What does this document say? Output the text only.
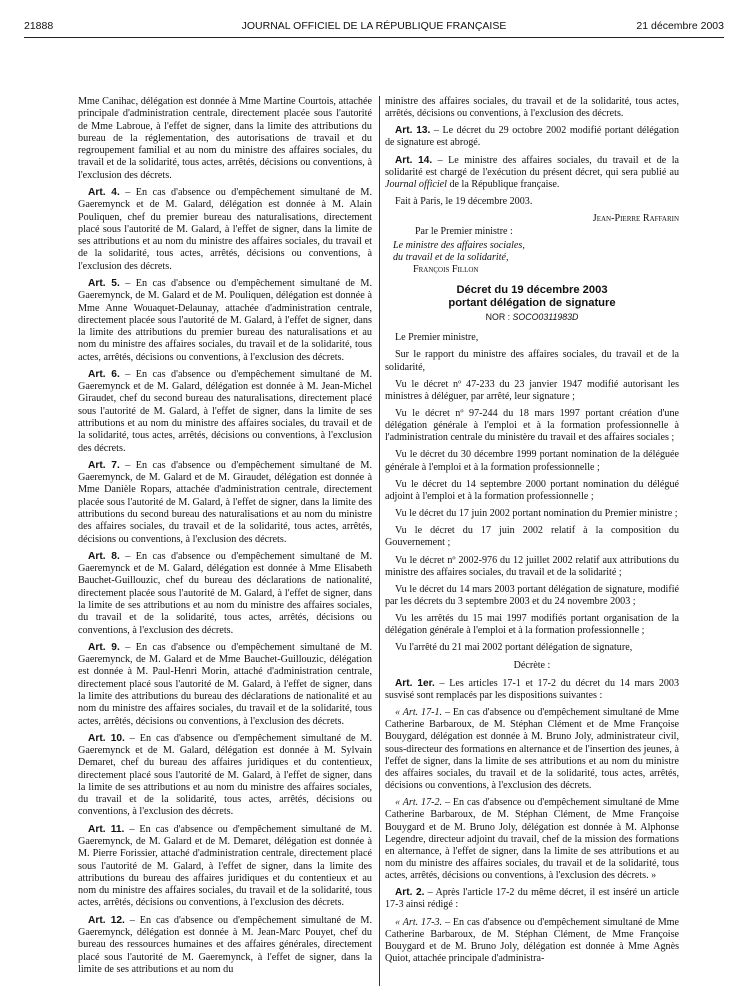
21888	JOURNAL OFFICIEL DE LA RÉPUBLIQUE FRANÇAISE	21 décembre 2003

Mme Canihac, délégation est donnée à Mme Martine Courtois, attachée principale d'administration centrale, directement placée sous l'autorité de Mme Labroue, à l'effet de signer, dans la limite des attributions du bureau de la réglementation, des autorisations de travail et du regroupement familial et au nom du ministre des affaires sociales, du travail et de la solidarité, tous actes, arrêtés, décisions ou conventions, à l'exclusion des décrets.

Art. 4. – En cas d'absence ou d'empêchement simultané de M. Gaeremynck et de M. Galard, délégation est donnée à M. Alain Pouliquen, chef du premier bureau des naturalisations, directement placé sous l'autorité de M. Galard, à l'effet de signer, dans la limite de ses attributions et au nom du ministre des affaires sociales, du travail et de la solidarité, tous actes, arrêtés, décisions ou conventions, à l'exclusion des décrets.

Art. 5. – En cas d'absence ou d'empêchement simultané de M. Gaeremynck, de M. Galard et de M. Pouliquen, délégation est donnée à Mme Anne Wouaquet-Delaunay, attachée d'administration centrale, directement placée sous l'autorité de M. Galard, à l'effet de signer, dans la limite des attributions du premier bureau des naturalisations et au nom du ministre des affaires sociales, du travail et de la solidarité, tous actes, arrêtés, décisions ou conventions, à l'exclusion des décrets.

Art. 6. – En cas d'absence ou d'empêchement simultané de M. Gaeremynck et de M. Galard, délégation est donnée à M. Jean-Michel Giraudet, chef du second bureau des naturalisations, directement placé sous l'autorité de M. Galard, à l'effet de signer, dans la limite de ses attributions et au nom du ministre des affaires sociales, du travail et de la solidarité, tous actes, arrêtés, décisions ou conventions, à l'exclusion des décrets.

Art. 7. – En cas d'absence ou d'empêchement simultané de M. Gaeremynck, de M. Galard et de M. Giraudet, délégation est donnée à Mme Danièle Ropars, attachée d'administration centrale, directement placée sous l'autorité de M. Galard, à l'effet de signer, dans la limite des attributions du second bureau des naturalisations et au nom du ministre des affaires sociales, du travail et de la solidarité, tous actes, arrêtés, décisions ou conventions, à l'exclusion des décrets.

Art. 8. – En cas d'absence ou d'empêchement simultané de M. Gaeremynck et de M. Galard, délégation est donnée à Mme Elisabeth Bauchet-Guillouzic, chef du bureau des déclarations de nationalité, directement placée sous l'autorité de M. Galard, à l'effet de signer, dans la limite de ses attributions et au nom du ministre des affaires sociales, du travail et de la solidarité, tous actes, arrêtés, décisions ou conventions, à l'exclusion des décrets.

Art. 9. – En cas d'absence ou d'empêchement simultané de M. Gaeremynck, de M. Galard et de Mme Bauchet-Guillouzic, délégation est donnée à M. Paul-Henri Morin, attaché d'administration centrale, directement placé sous l'autorité de M. Galard, à l'effet de signer, dans la limite des attributions du bureau des déclarations de nationalité et au nom du ministre des affaires sociales, du travail et de la solidarité, tous actes, arrêtés, décisions ou conventions, à l'exclusion des décrets.

Art. 10. – En cas d'absence ou d'empêchement simultané de M. Gaeremynck et de M. Galard, délégation est donnée à M. Sylvain Demaret, chef du bureau des affaires juridiques et du contentieux, directement placé sous l'autorité de M. Galard, à l'effet de signer, dans la limite de ses attributions et au nom du ministre des affaires sociales, du travail et de la solidarité, tous actes, arrêtés, décisions ou conventions, à l'exclusion des décrets.

Art. 11. – En cas d'absence ou d'empêchement simultané de M. Gaeremynck, de M. Galard et de M. Demaret, délégation est donnée à M. Pierre Forissier, attaché d'administration centrale, directement placé sous l'autorité de M. Galard, à l'effet de signer, dans la limite des attributions du bureau des affaires juridiques et du contentieux et au nom du ministre des affaires sociales, du travail et de la solidarité, tous actes, arrêtés, décisions ou conventions, à l'exclusion des décrets.

Art. 12. – En cas d'absence ou d'empêchement simultané de M. Gaeremynck, délégation est donnée à M. Jean-Marc Pouyet, chef du bureau des ressources humaines et des affaires générales, directement placé sous l'autorité de M. Gaeremynck, à l'effet de signer, dans la limite de ses attributions et au nom du

ministre des affaires sociales, du travail et de la solidarité, tous actes, arrêtés, décisions ou conventions, à l'exclusion des décrets.

Art. 13. – Le décret du 29 octobre 2002 modifié portant délégation de signature est abrogé.

Art. 14. – Le ministre des affaires sociales, du travail et de la solidarité est chargé de l'exécution du présent décret, qui sera publié au Journal officiel de la République française.

Fait à Paris, le 19 décembre 2003.

Jean-Pierre Raffarin

Par le Premier ministre :

Le ministre des affaires sociales,

du travail et de la solidarité,

François Fillon

Décret du 19 décembre 2003
portant délégation de signature

NOR : SOCO0311983D

Le Premier ministre,

Sur le rapport du ministre des affaires sociales, du travail et de la solidarité,

Vu le décret nº 47-233 du 23 janvier 1947 modifié autorisant les ministres à déléguer, par arrêté, leur signature ;

Vu le décret nº 97-244 du 18 mars 1997 portant création d'une délégation générale à l'emploi et à la formation professionnelle à l'administration centrale du ministère du travail et des affaires sociales ;

Vu le décret du 30 décembre 1999 portant nomination de la déléguée générale à l'emploi et à la formation professionnelle ;

Vu le décret du 14 septembre 2000 portant nomination du délégué adjoint à l'emploi et à la formation professionnelle ;

Vu le décret du 17 juin 2002 portant nomination du Premier ministre ;

Vu le décret du 17 juin 2002 relatif à la composition du Gouvernement ;

Vu le décret nº 2002-976 du 12 juillet 2002 relatif aux attributions du ministre des affaires sociales, du travail et de la solidarité ;

Vu le décret du 14 mars 2003 portant délégation de signature, modifié par les décrets du 3 septembre 2003 et du 24 novembre 2003 ;

Vu les arrêtés du 15 mai 1997 modifiés portant organisation de la délégation générale à l'emploi et à la formation professionnelle ;

Vu l'arrêté du 21 mai 2002 portant délégation de signature,

Décrète :

Art. 1er. – Les articles 17-1 et 17-2 du décret du 14 mars 2003 susvisé sont remplacés par les dispositions suivantes :

« Art. 17-1. – En cas d'absence ou d'empêchement simultané de Mme Catherine Barbaroux, de M. Stéphan Clément et de Mme Françoise Bouygard, délégation est donnée à M. Bruno Joly, administrateur civil, sous-directeur des formations en alternance et de l'insertion des jeunes, à l'effet de signer, dans la limite de ses attributions et au nom du ministre des affaires sociales, du travail et de la solidarité, tous actes, arrêtés, décisions ou conventions, à l'exclusion des décrets.

« Art. 17-2. – En cas d'absence ou d'empêchement simultané de Mme Catherine Barbaroux, de M. Stéphan Clément, de Mme Françoise Bouygard et de M. Bruno Joly, délégation est donnée à M. Alphonse Legendre, directeur adjoint du travail, chef de la mission des formations en alternance, à l'effet de signer, dans la limite de ses attributions et au nom du ministre des affaires sociales, du travail et de la solidarité, tous actes, arrêtés, décisions ou conventions, à l'exclusion des décrets. »

Art. 2. – Après l'article 17-2 du même décret, il est inséré un article 17-3 ainsi rédigé :

« Art. 17-3. – En cas d'absence ou d'empêchement simultané de Mme Catherine Barbaroux, de M. Stéphan Clément, de Mme Françoise Bouygard et de M. Bruno Joly, délégation est donnée à Mme Agnès Quiot, attachée principale d'administra-
